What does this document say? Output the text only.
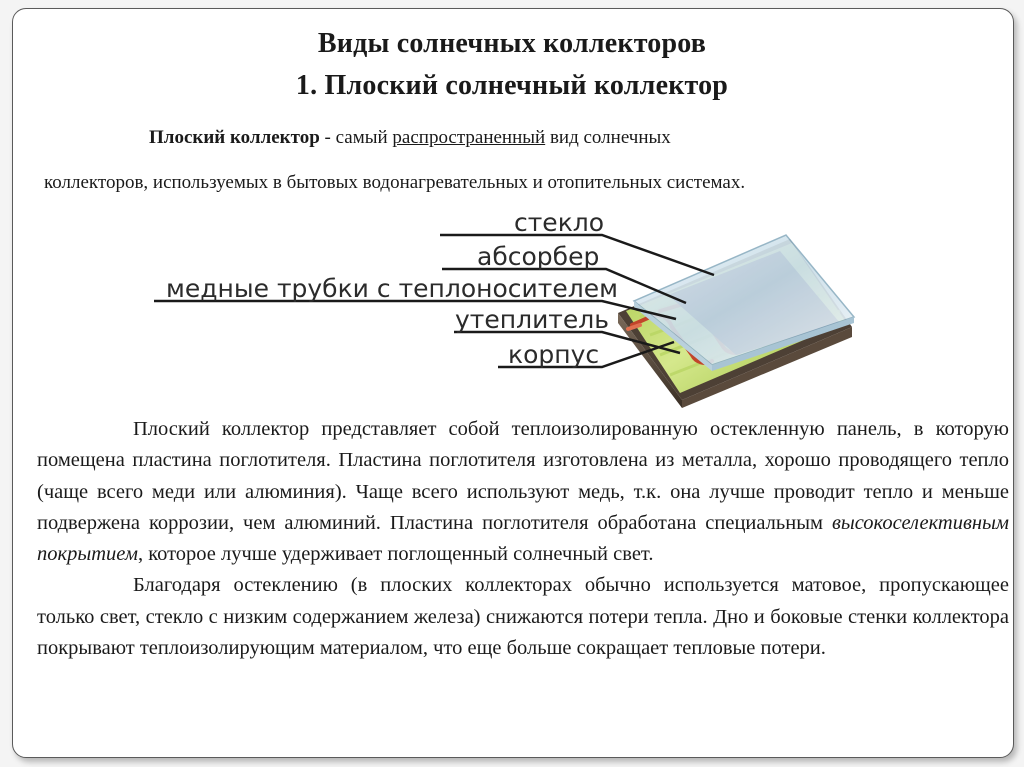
Виды солнечных коллекторов
1. Плоский солнечный коллектор
Плоский коллектор - самый распространенный вид солнечных
коллекторов, используемых в бытовых водонагревательных и отопительных системах.
стекло
абсорбер
медные трубки с теплоносителем
утеплитель
корпус

Плоский коллектор представляет собой теплоизолированную остекленную панель, в которую помещена пластина поглотителя. Пластина поглотителя изготовлена из металла, хорошо проводящего тепло (чаще всего меди или алюминия). Чаще всего используют медь, т.к. она лучше проводит тепло и меньше подвержена коррозии, чем алюминий. Пластина поглотителя обработана специальным высокоселективным покрытием, которое лучше удерживает поглощенный солнечный свет.

Благодаря остеклению (в плоских коллекторах обычно используется матовое, пропускающее только свет, стекло с низким содержанием железа) снижаются потери тепла. Дно и боковые стенки коллектора покрывают теплоизолирующим материалом, что еще больше сокращает тепловые потери.
